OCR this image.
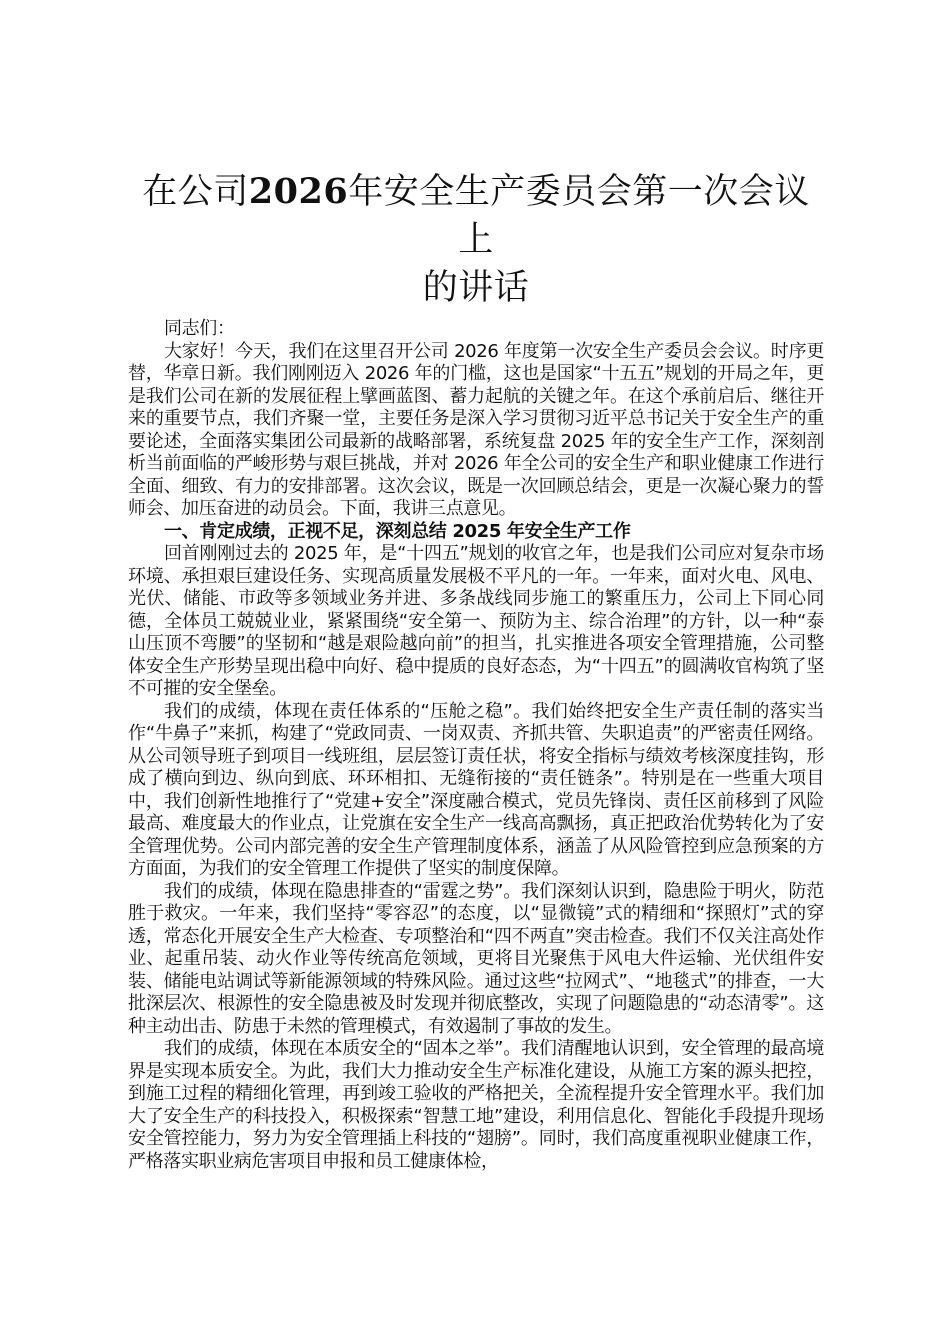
在公司2026年安全生产委员会第一次会议上
的讲话

同志们：

大家好！今天，我们在这里召开公司 2026 年度第一次安全生产委员会会议。时序更替，华章日新。我们刚刚迈入 2026 年的门槛，这也是国家“十五五”规划的开局之年，更是我们公司在新的发展征程上擘画蓝图、蓄力起航的关键之年。在这个承前启后、继往开来的重要节点，我们齐聚一堂，主要任务是深入学习贯彻习近平总书记关于安全生产的重要论述，全面落实集团公司最新的战略部署，系统复盘 2025 年的安全生产工作，深刻剖析当前面临的严峻形势与艰巨挑战，并对 2026 年全公司的安全生产和职业健康工作进行全面、细致、有力的安排部署。这次会议，既是一次回顾总结会，更是一次凝心聚力的誓师会、加压奋进的动员会。下面，我讲三点意见。

一、肯定成绩，正视不足，深刻总结 2025 年安全生产工作

回首刚刚过去的 2025 年，是“十四五”规划的收官之年，也是我们公司应对复杂市场环境、承担艰巨建设任务、实现高质量发展极不平凡的一年。一年来，面对火电、风电、光伏、储能、市政等多领域业务并进、多条战线同步施工的繁重压力，公司上下同心同德，全体员工兢兢业业，紧紧围绕“安全第一、预防为主、综合治理”的方针，以一种“泰山压顶不弯腰”的坚韧和“越是艰险越向前”的担当，扎实推进各项安全管理措施，公司整体安全生产形势呈现出稳中向好、稳中提质的良好态态，为“十四五”的圆满收官构筑了坚不可摧的安全堡垒。

我们的成绩，体现在责任体系的“压舱之稳”。我们始终把安全生产责任制的落实当作“牛鼻子”来抓，构建了“党政同责、一岗双责、齐抓共管、失职追责”的严密责任网络。从公司领导班子到项目一线班组，层层签订责任状，将安全指标与绩效考核深度挂钩，形成了横向到边、纵向到底、环环相扣、无缝衔接的“责任链条”。特别是在一些重大项目中，我们创新性地推行了“党建+安全”深度融合模式，党员先锋岗、责任区前移到了风险最高、难度最大的作业点，让党旗在安全生产一线高高飘扬，真正把政治优势转化为了安全管理优势。公司内部完善的安全生产管理制度体系，涵盖了从风险管控到应急预案的方方面面，为我们的安全管理工作提供了坚实的制度保障。

我们的成绩，体现在隐患排查的“雷霆之势”。我们深刻认识到，隐患险于明火，防范胜于救灾。一年来，我们坚持“零容忍”的态度，以“显微镜”式的精细和“探照灯”式的穿透，常态化开展安全生产大检查、专项整治和“四不两直”突击检查。我们不仅关注高处作业、起重吊装、动火作业等传统高危领域，更将目光聚焦于风电大件运输、光伏组件安装、储能电站调试等新能源领域的特殊风险。通过这些“拉网式”、“地毯式”的排查，一大批深层次、根源性的安全隐患被及时发现并彻底整改，实现了问题隐患的“动态清零”。这种主动出击、防患于未然的管理模式，有效遏制了事故的发生。

我们的成绩，体现在本质安全的“固本之举”。我们清醒地认识到，安全管理的最高境界是实现本质安全。为此，我们大力推动安全生产标准化建设，从施工方案的源头把控，到施工过程的精细化管理，再到竣工验收的严格把关，全流程提升安全管理水平。我们加大了安全生产的科技投入，积极探索“智慧工地”建设，利用信息化、智能化手段提升现场安全管控能力，努力为安全管理插上科技的“翅膀”。同时，我们高度重视职业健康工作，严格落实职业病危害项目申报和员工健康体检，
